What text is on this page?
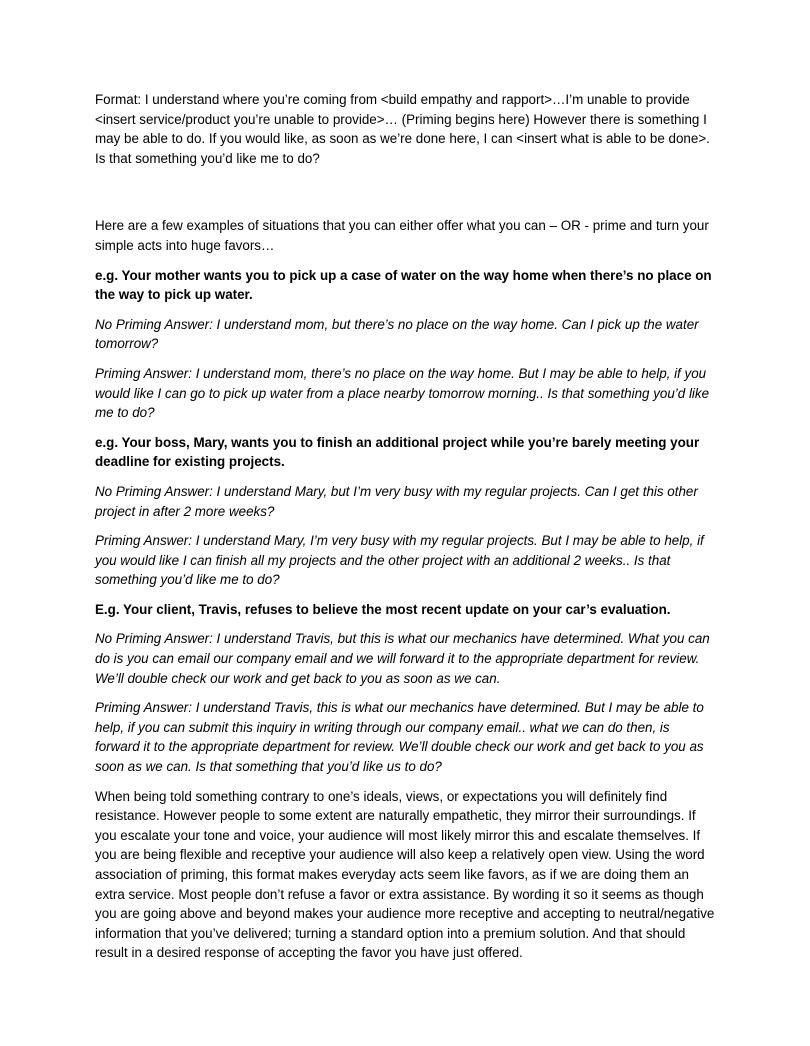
Format: I understand where you’re coming from <build empathy and rapport>…I’m unable to provide <insert service/product you’re unable to provide>… (Priming begins here) However there is something I may be able to do. If you would like, as soon as we’re done here, I can <insert what is able to be done>. Is that something you’d like me to do?

Here are a few examples of situations that you can either offer what you can – OR - prime and turn your simple acts into huge favors…

e.g. Your mother wants you to pick up a case of water on the way home when there’s no place on the way to pick up water.

No Priming Answer: I understand mom, but there’s no place on the way home. Can I pick up the water tomorrow?

Priming Answer: I understand mom, there’s no place on the way home. But I may be able to help, if you would like I can go to pick up water from a place nearby tomorrow morning.. Is that something you’d like me to do?

e.g. Your boss, Mary, wants you to finish an additional project while you’re barely meeting your deadline for existing projects.

No Priming Answer: I understand Mary, but I’m very busy with my regular projects. Can I get this other project in after 2 more weeks?

Priming Answer: I understand Mary, I’m very busy with my regular projects. But I may be able to help, if you would like I can finish all my projects and the other project with an additional 2 weeks.. Is that something you’d like me to do?

E.g. Your client, Travis, refuses to believe the most recent update on your car’s evaluation.

No Priming Answer: I understand Travis, but this is what our mechanics have determined. What you can do is you can email our company email and we will forward it to the appropriate department for review. We’ll double check our work and get back to you as soon as we can.

Priming Answer: I understand Travis, this is what our mechanics have determined. But I may be able to help, if you can submit this inquiry in writing through our company email.. what we can do then, is forward it to the appropriate department for review. We’ll double check our work and get back to you as soon as we can. Is that something that you’d like us to do?

When being told something contrary to one’s ideals, views, or expectations you will definitely find resistance. However people to some extent are naturally empathetic, they mirror their surroundings. If you escalate your tone and voice, your audience will most likely mirror this and escalate themselves. If you are being flexible and receptive your audience will also keep a relatively open view. Using the word association of priming, this format makes everyday acts seem like favors, as if we are doing them an extra service. Most people don’t refuse a favor or extra assistance. By wording it so it seems as though you are going above and beyond makes your audience more receptive and accepting to neutral/negative information that you’ve delivered; turning a standard option into a premium solution. And that should result in a desired response of accepting the favor you have just offered.
